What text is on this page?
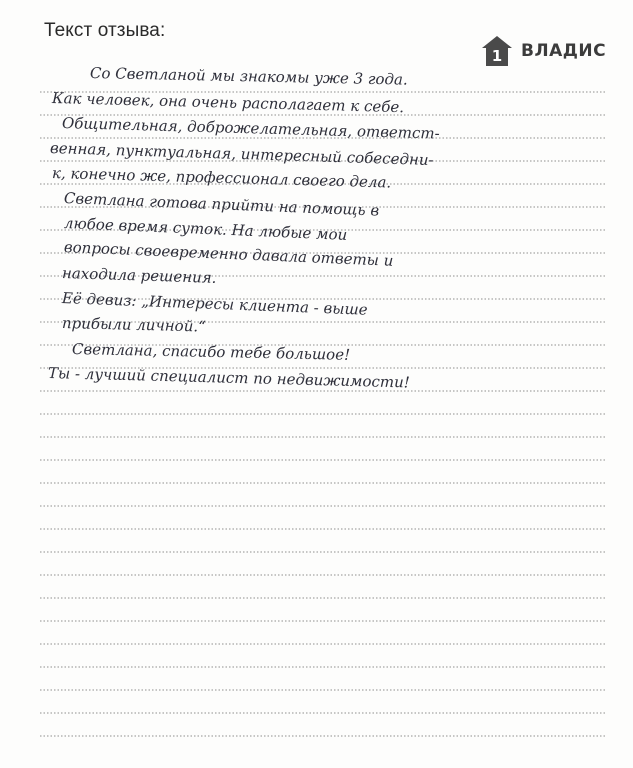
Текст отзыва:
1 ВЛАДИС
Со Светланой мы знакомы уже 3 года.
Как человек, она очень располагает к себе.
Общительная, доброжелательная, ответст-
венная, пунктуальная, интересный собеседни-
к, конечно же, профессионал своего дела.
Светлана готова прийти на помощь в
любое время суток. На любые мои
вопросы своевременно давала ответы и
находила решения.
Её девиз: „Интересы клиента - выше
прибыли личной.“
Светлана, спасибо тебе большое!
Ты - лучший специалист по недвижимости!
